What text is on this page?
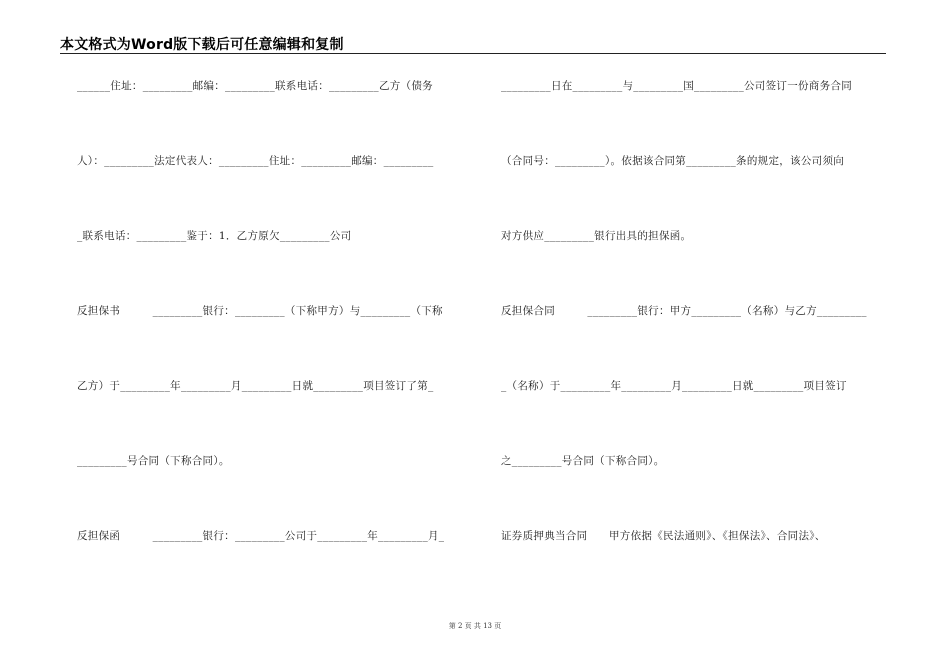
本文格式为Word版下载后可任意编辑和复制
______住址：_________邮编：_________联系电话：_________乙方（债务
人）：_________法定代表人：_________住址：_________邮编：_________
_联系电话：_________鉴于：1．乙方原欠_________公司
反担保书　　　_________银行：_________（下称甲方）与_________（下称
乙方）于_________年_________月_________日就_________项目签订了第_
_________号合同（下称合同）。
反担保函　　　_________银行：_________公司于_________年_________月_
_________日在_________与_________国_________公司签订一份商务合同
（合同号：_________）。依据该合同第_________条的规定，该公司须向
对方供应_________银行出具的担保函。
反担保合同　　　_________银行：甲方_________（名称）与乙方_________
_（名称）于_________年_________月_________日就_________项目签订
之_________号合同（下称合同）。
证券质押典当合同　　甲方依据《民法通则》、《担保法》、合同法》、
第 2 页 共 13 页
